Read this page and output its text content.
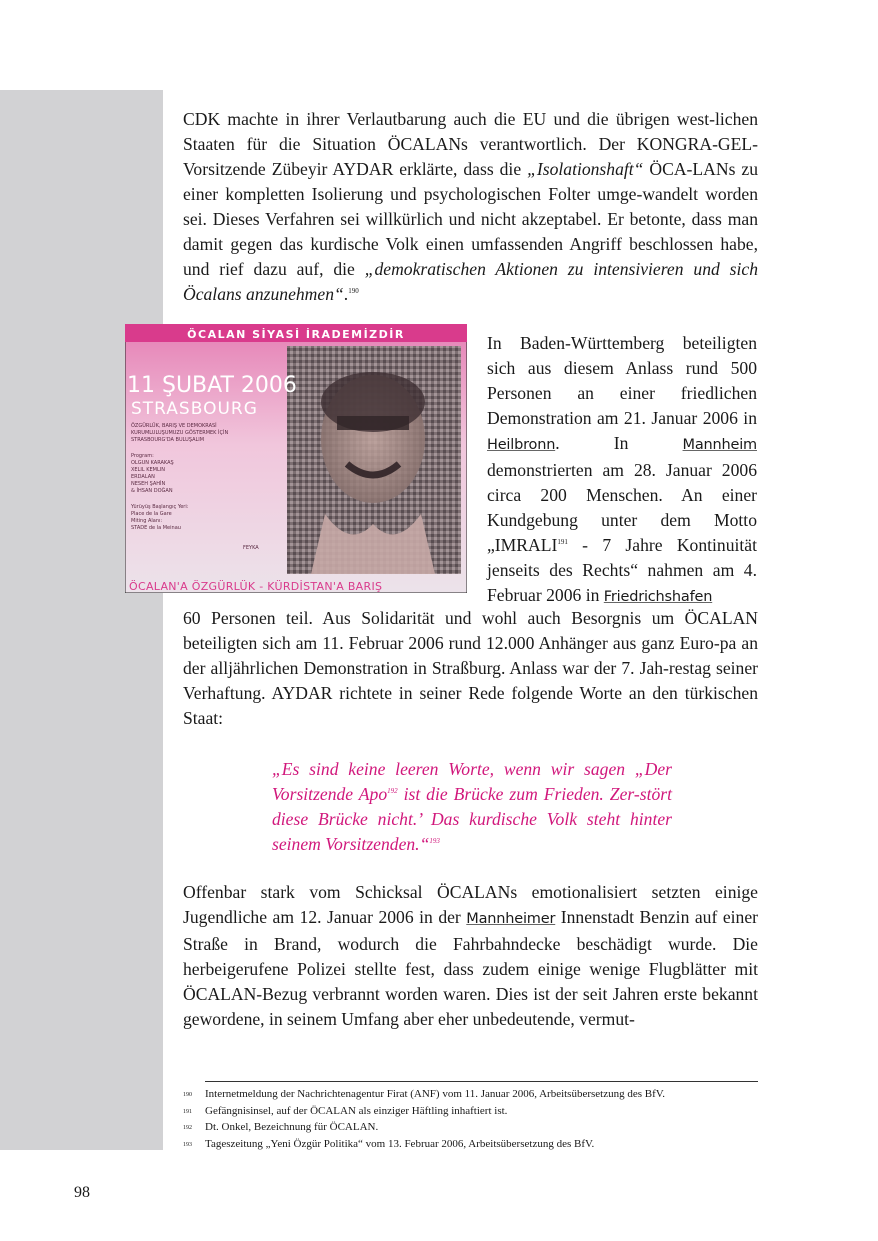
CDK machte in ihrer Verlautbarung auch die EU und die übrigen west-lichen Staaten für die Situation ÖCALANs verantwortlich. Der KONGRA-GEL-Vorsitzende Zübeyir AYDAR erklärte, dass die „Isolationshaft“ ÖCA-LANs zu einer kompletten Isolierung und psychologischen Folter umge-wandelt worden sei. Dieses Verfahren sei willkürlich und nicht akzeptabel. Er betonte, dass man damit gegen das kurdische Volk einen umfassenden Angriff beschlossen habe, und rief dazu auf, die „demokratischen Aktionen zu intensivieren und sich Öcalans anzunehmen“.$^{190}$
ÖCALAN SİYASİ İRADEMİZDİR
11 ŞUBAT 2006
STRASBOURG
ÖZGÜRLÜK, BARIŞ VE DEMOKRASİ
KURUMLULUŞUMUZU GÖSTERMEK İÇİN
STRASBOURG'DA BULUŞALIM
Program:
OLGUN KARAKAŞ
XELIL KEMLIN
ERDALAN
NESEH ŞAHİN
& İHSAN DOĞAN
Yürüyüş Başlangıç Yeri:
Place de la Gare
Miting Alanı:
STADE de la Meinau
FEYKA
ÖCALAN'A ÖZGÜRLÜK - KÜRDİSTAN'A BARIŞ
In Baden-Württemberg beteiligten sich aus diesem Anlass rund 500 Personen an einer friedlichen Demonstration am 21. Januar 2006 in Heilbronn. In Mannheim demonstrierten am 28. Januar 2006 circa 200 Menschen. An einer Kundgebung unter dem Motto „IMRALI$^{191}$ - 7 Jahre Kontinuität jenseits des Rechts“ nahmen am 4. Februar 2006 in Friedrichshafen
60 Personen teil. Aus Solidarität und wohl auch Besorgnis um ÖCALAN beteiligten sich am 11. Februar 2006 rund 12.000 Anhänger aus ganz Euro-pa an der alljährlichen Demonstration in Straßburg. Anlass war der 7. Jah-restag seiner Verhaftung. AYDAR richtete in seiner Rede folgende Worte an den türkischen Staat:
„Es sind keine leeren Worte, wenn wir sagen „Der Vorsitzende Apo$^{192}$ ist die Brücke zum Frieden. Zer-stört diese Brücke nicht.’ Das kurdische Volk steht hinter seinem Vorsitzenden.“$^{193}$
Offenbar stark vom Schicksal ÖCALANs emotionalisiert setzten einige Jugendliche am 12. Januar 2006 in der Mannheimer Innenstadt Benzin auf einer Straße in Brand, wodurch die Fahrbahndecke beschädigt wurde. Die herbeigerufene Polizei stellte fest, dass zudem einige wenige Flugblätter mit ÖCALAN-Bezug verbrannt worden waren. Dies ist der seit Jahren erste bekannt gewordene, in seinem Umfang aber eher unbedeutende, vermut-
190	Internetmeldung der Nachrichtenagentur Firat (ANF) vom 11. Januar 2006, Arbeitsübersetzung des BfV.
191	Gefängnisinsel, auf der ÖCALAN als einziger Häftling inhaftiert ist.
192	Dt. Onkel, Bezeichnung für ÖCALAN.
193	Tageszeitung „Yeni Özgür Politika“ vom 13. Februar 2006, Arbeitsübersetzung des BfV.
98
